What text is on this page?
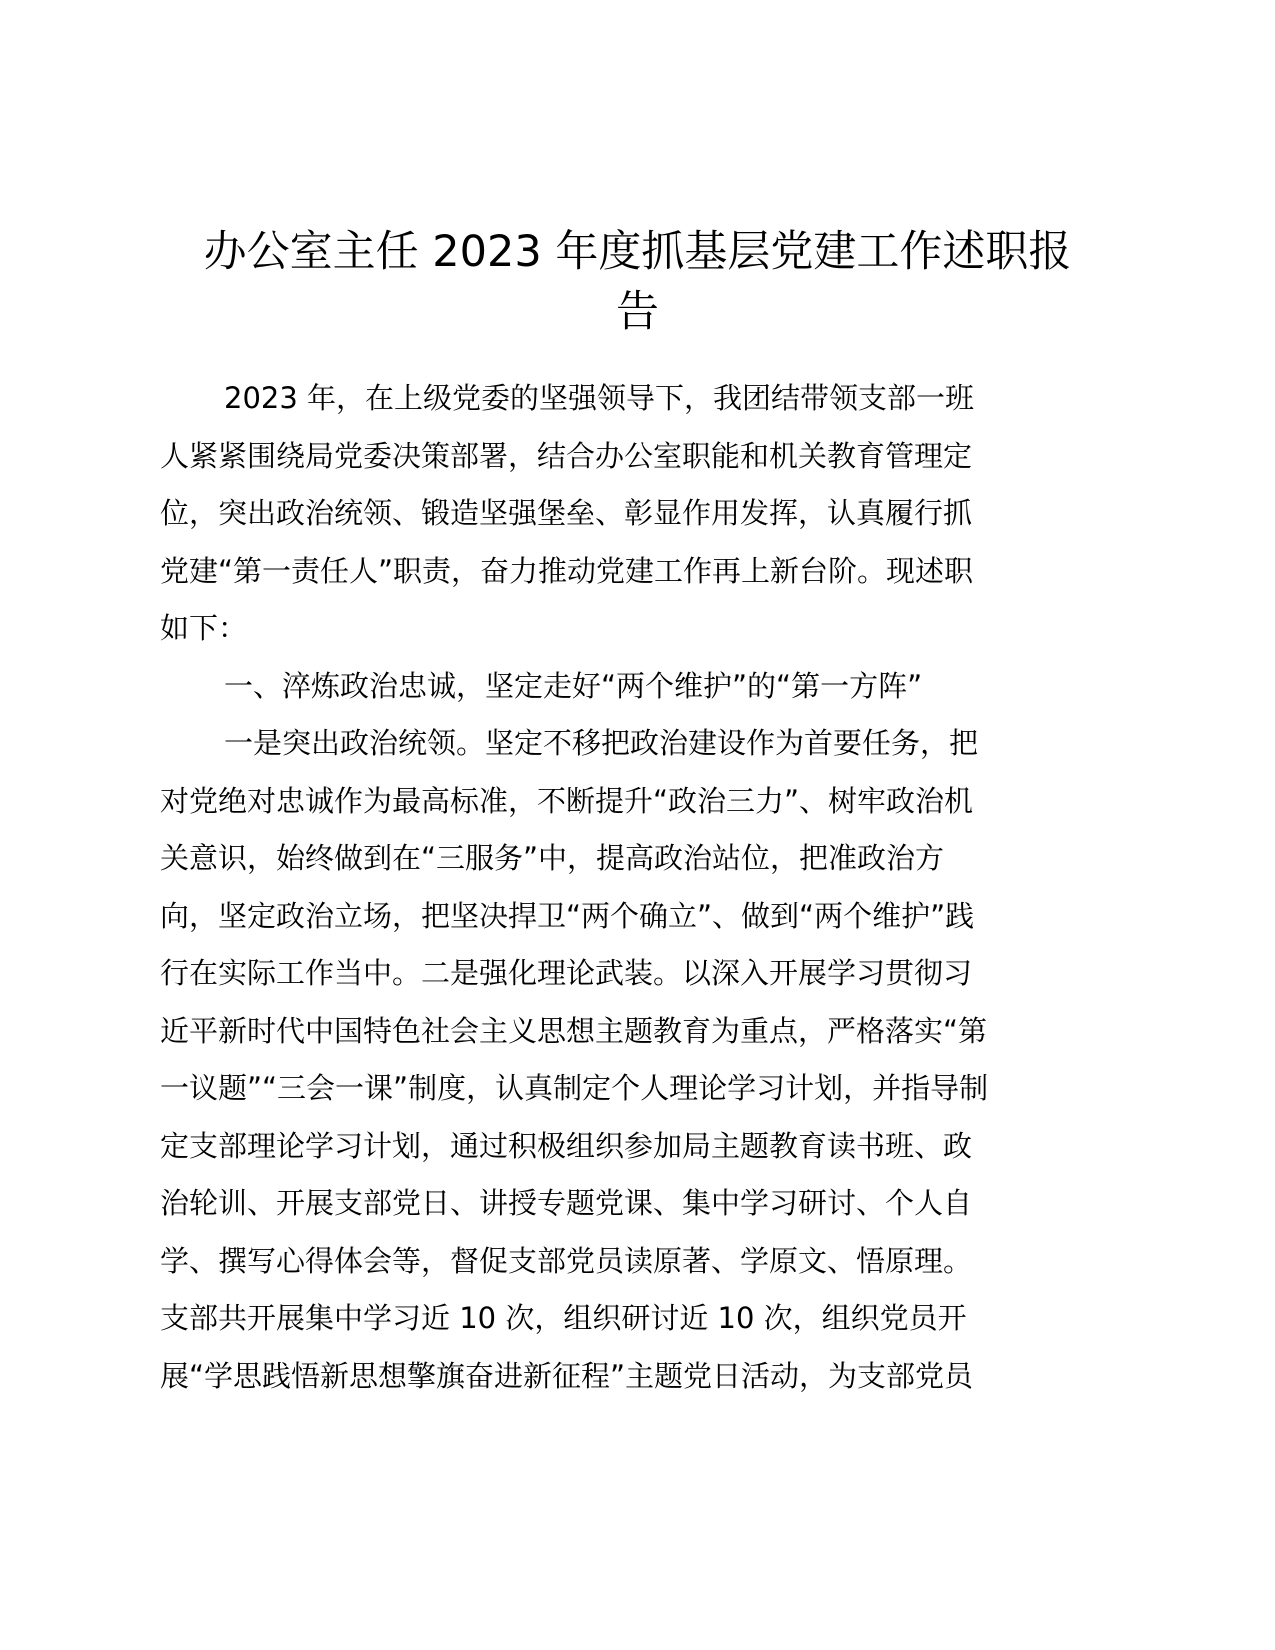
办公室主任 2023 年度抓基层党建工作述职报
告
2023 年，在上级党委的坚强领导下，我团结带领支部一班
人紧紧围绕局党委决策部署，结合办公室职能和机关教育管理定
位，突出政治统领、锻造坚强堡垒、彰显作用发挥，认真履行抓
党建“第一责任人”职责，奋力推动党建工作再上新台阶。现述职
如下：
一、淬炼政治忠诚，坚定走好“两个维护”的“第一方阵”
一是突出政治统领。坚定不移把政治建设作为首要任务，把
对党绝对忠诚作为最高标准，不断提升“政治三力”、树牢政治机
关意识，始终做到在“三服务”中，提高政治站位，把准政治方
向，坚定政治立场，把坚决捍卫“两个确立”、做到“两个维护”践
行在实际工作当中。二是强化理论武装。以深入开展学习贯彻习
近平新时代中国特色社会主义思想主题教育为重点，严格落实“第
一议题”“三会一课”制度，认真制定个人理论学习计划，并指导制
定支部理论学习计划，通过积极组织参加局主题教育读书班、政
治轮训、开展支部党日、讲授专题党课、集中学习研讨、个人自
学、撰写心得体会等，督促支部党员读原著、学原文、悟原理。
支部共开展集中学习近 10 次，组织研讨近 10 次，组织党员开
展“学思践悟新思想擎旗奋进新征程”主题党日活动，为支部党员
